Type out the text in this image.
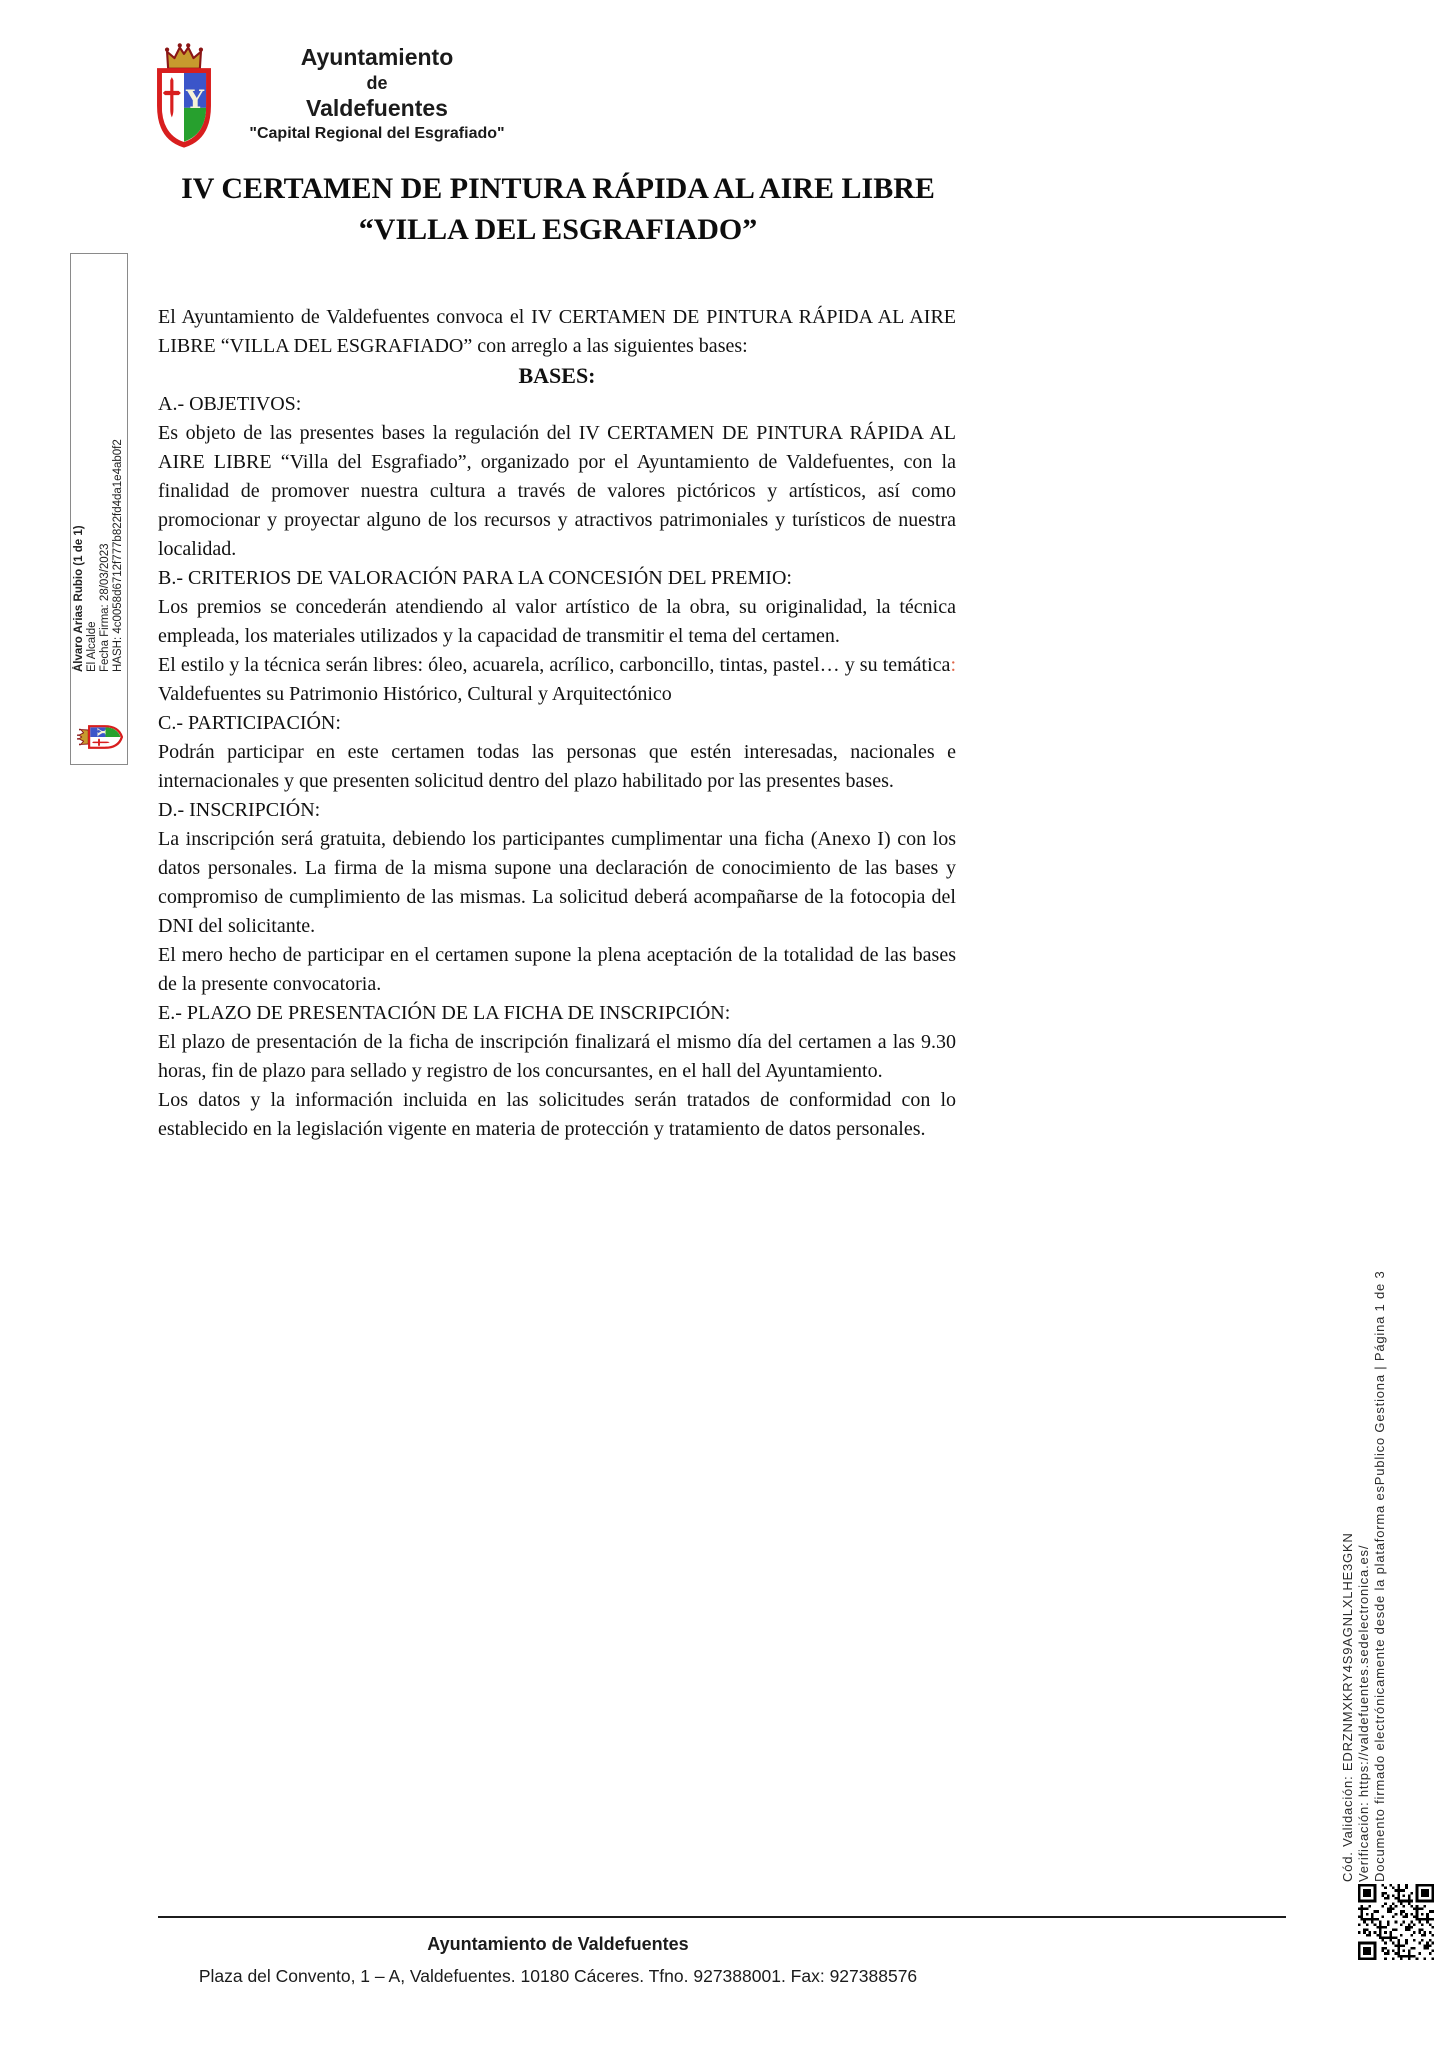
Ayuntamiento
de
Valdefuentes
"Capital Regional del Esgrafiado"
IV CERTAMEN DE PINTURA RÁPIDA AL AIRE LIBRE
“VILLA DEL ESGRAFIADO”
Álvaro Arias Rubio (1 de 1) El Alcalde Fecha Firma: 28/03/2023 HASH: 4c0058d6712f777b822fd4da1e4ab0f2

El Ayuntamiento de Valdefuentes convoca el IV CERTAMEN DE PINTURA RÁPIDA AL AIRE LIBRE “VILLA DEL ESGRAFIADO” con arreglo a las siguientes bases:

BASES:

A.- OBJETIVOS:

Es objeto de las presentes bases la regulación del IV CERTAMEN DE PINTURA RÁPIDA AL AIRE LIBRE “Villa del Esgrafiado”, organizado por el Ayuntamiento de Valdefuentes, con la finalidad de promover nuestra cultura a través de valores pictóricos y artísticos, así como promocionar y proyectar alguno de los recursos y atractivos patrimoniales y turísticos de nuestra localidad.

B.- CRITERIOS DE VALORACIÓN PARA LA CONCESIÓN DEL PREMIO:

Los premios se concederán atendiendo al valor artístico de la obra, su originalidad, la técnica empleada, los materiales utilizados y la capacidad de transmitir el tema del certamen.

El estilo y la técnica serán libres: óleo, acuarela, acrílico, carboncillo, tintas, pastel… y su temática: Valdefuentes su Patrimonio Histórico, Cultural y Arquitectónico

C.- PARTICIPACIÓN:

Podrán participar en este certamen todas las personas que estén interesadas, nacionales e internacionales y que presenten solicitud dentro del plazo habilitado por las presentes bases.

D.- INSCRIPCIÓN:

La inscripción será gratuita, debiendo los participantes cumplimentar una ficha (Anexo I) con los datos personales. La firma de la misma supone una declaración de conocimiento de las bases y compromiso de cumplimiento de las mismas. La solicitud deberá acompañarse de la fotocopia del DNI del solicitante.

El mero hecho de participar en el certamen supone la plena aceptación de la totalidad de las bases de la presente convocatoria.

E.- PLAZO DE PRESENTACIÓN DE LA FICHA DE INSCRIPCIÓN:

El plazo de presentación de la ficha de inscripción finalizará el mismo día del certamen a las 9.30 horas, fin de plazo para sellado y registro de los concursantes, en el hall del Ayuntamiento.

Los datos y la información incluida en las solicitudes serán tratados de conformidad con lo establecido en la legislación vigente en materia de protección y tratamiento de datos personales.

Cód. Validación: EDRZNMXKRY4S9AGNLXLHE3GKN Verificación: https://valdefuentes.sedelectronica.es/ Documento firmado electrónicamente desde la plataforma esPublico Gestiona | Página 1 de 3
Ayuntamiento de Valdefuentes
Plaza del Convento, 1 – A, Valdefuentes. 10180 Cáceres. Tfno. 927388001. Fax: 927388576
